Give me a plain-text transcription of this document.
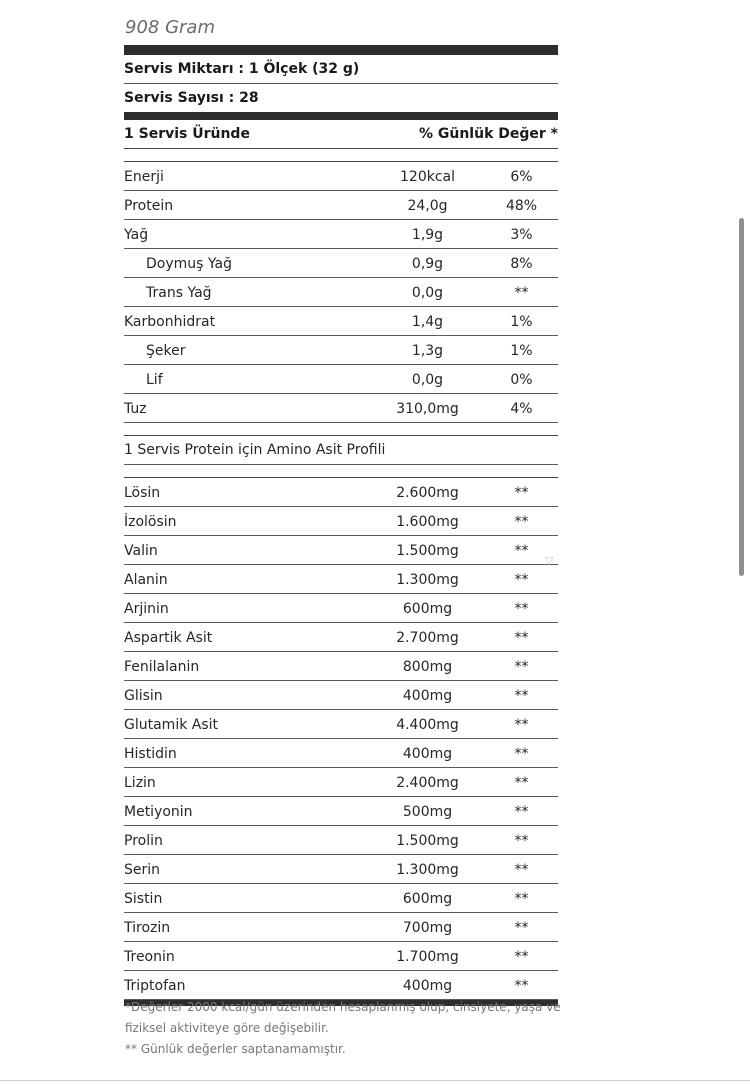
908 Gram
Servis Miktarı : 1 Ölçek (32 g)
Servis Sayısı : 28
1 Servis Üründe	% Günlük Değer *
Enerji	120kcal	6%
Protein	24,0g	48%
Yağ	1,9g	3%
Doymuş Yağ	0,9g	8%
Trans Yağ	0,0g	**
Karbonhidrat	1,4g	1%
Şeker	1,3g	1%
Lif	0,0g	0%
Tuz	310,0mg	4%
1 Servis Protein için Amino Asit Profili
Lösin	2.600mg	**
İzolösin	1.600mg	**
Valin	1.500mg	**
Alanin	1.300mg	**
Arjinin	600mg	**
Aspartik Asit	2.700mg	**
Fenilalanin	800mg	**
Glisin	400mg	**
Glutamik Asit	4.400mg	**
Histidin	400mg	**
Lizin	2.400mg	**
Metiyonin	500mg	**
Prolin	1.500mg	**
Serin	1.300mg	**
Sistin	600mg	**
Tirozin	700mg	**
Treonin	1.700mg	**
Triptofan	400mg	**
*Değerler 2000 kcal/gün üzerinden hesaplanmış olup, cinsiyete, yaşa ve fiziksel aktiviteye göre değişebilir.
** Günlük değerler saptanamamıştır.
▽
